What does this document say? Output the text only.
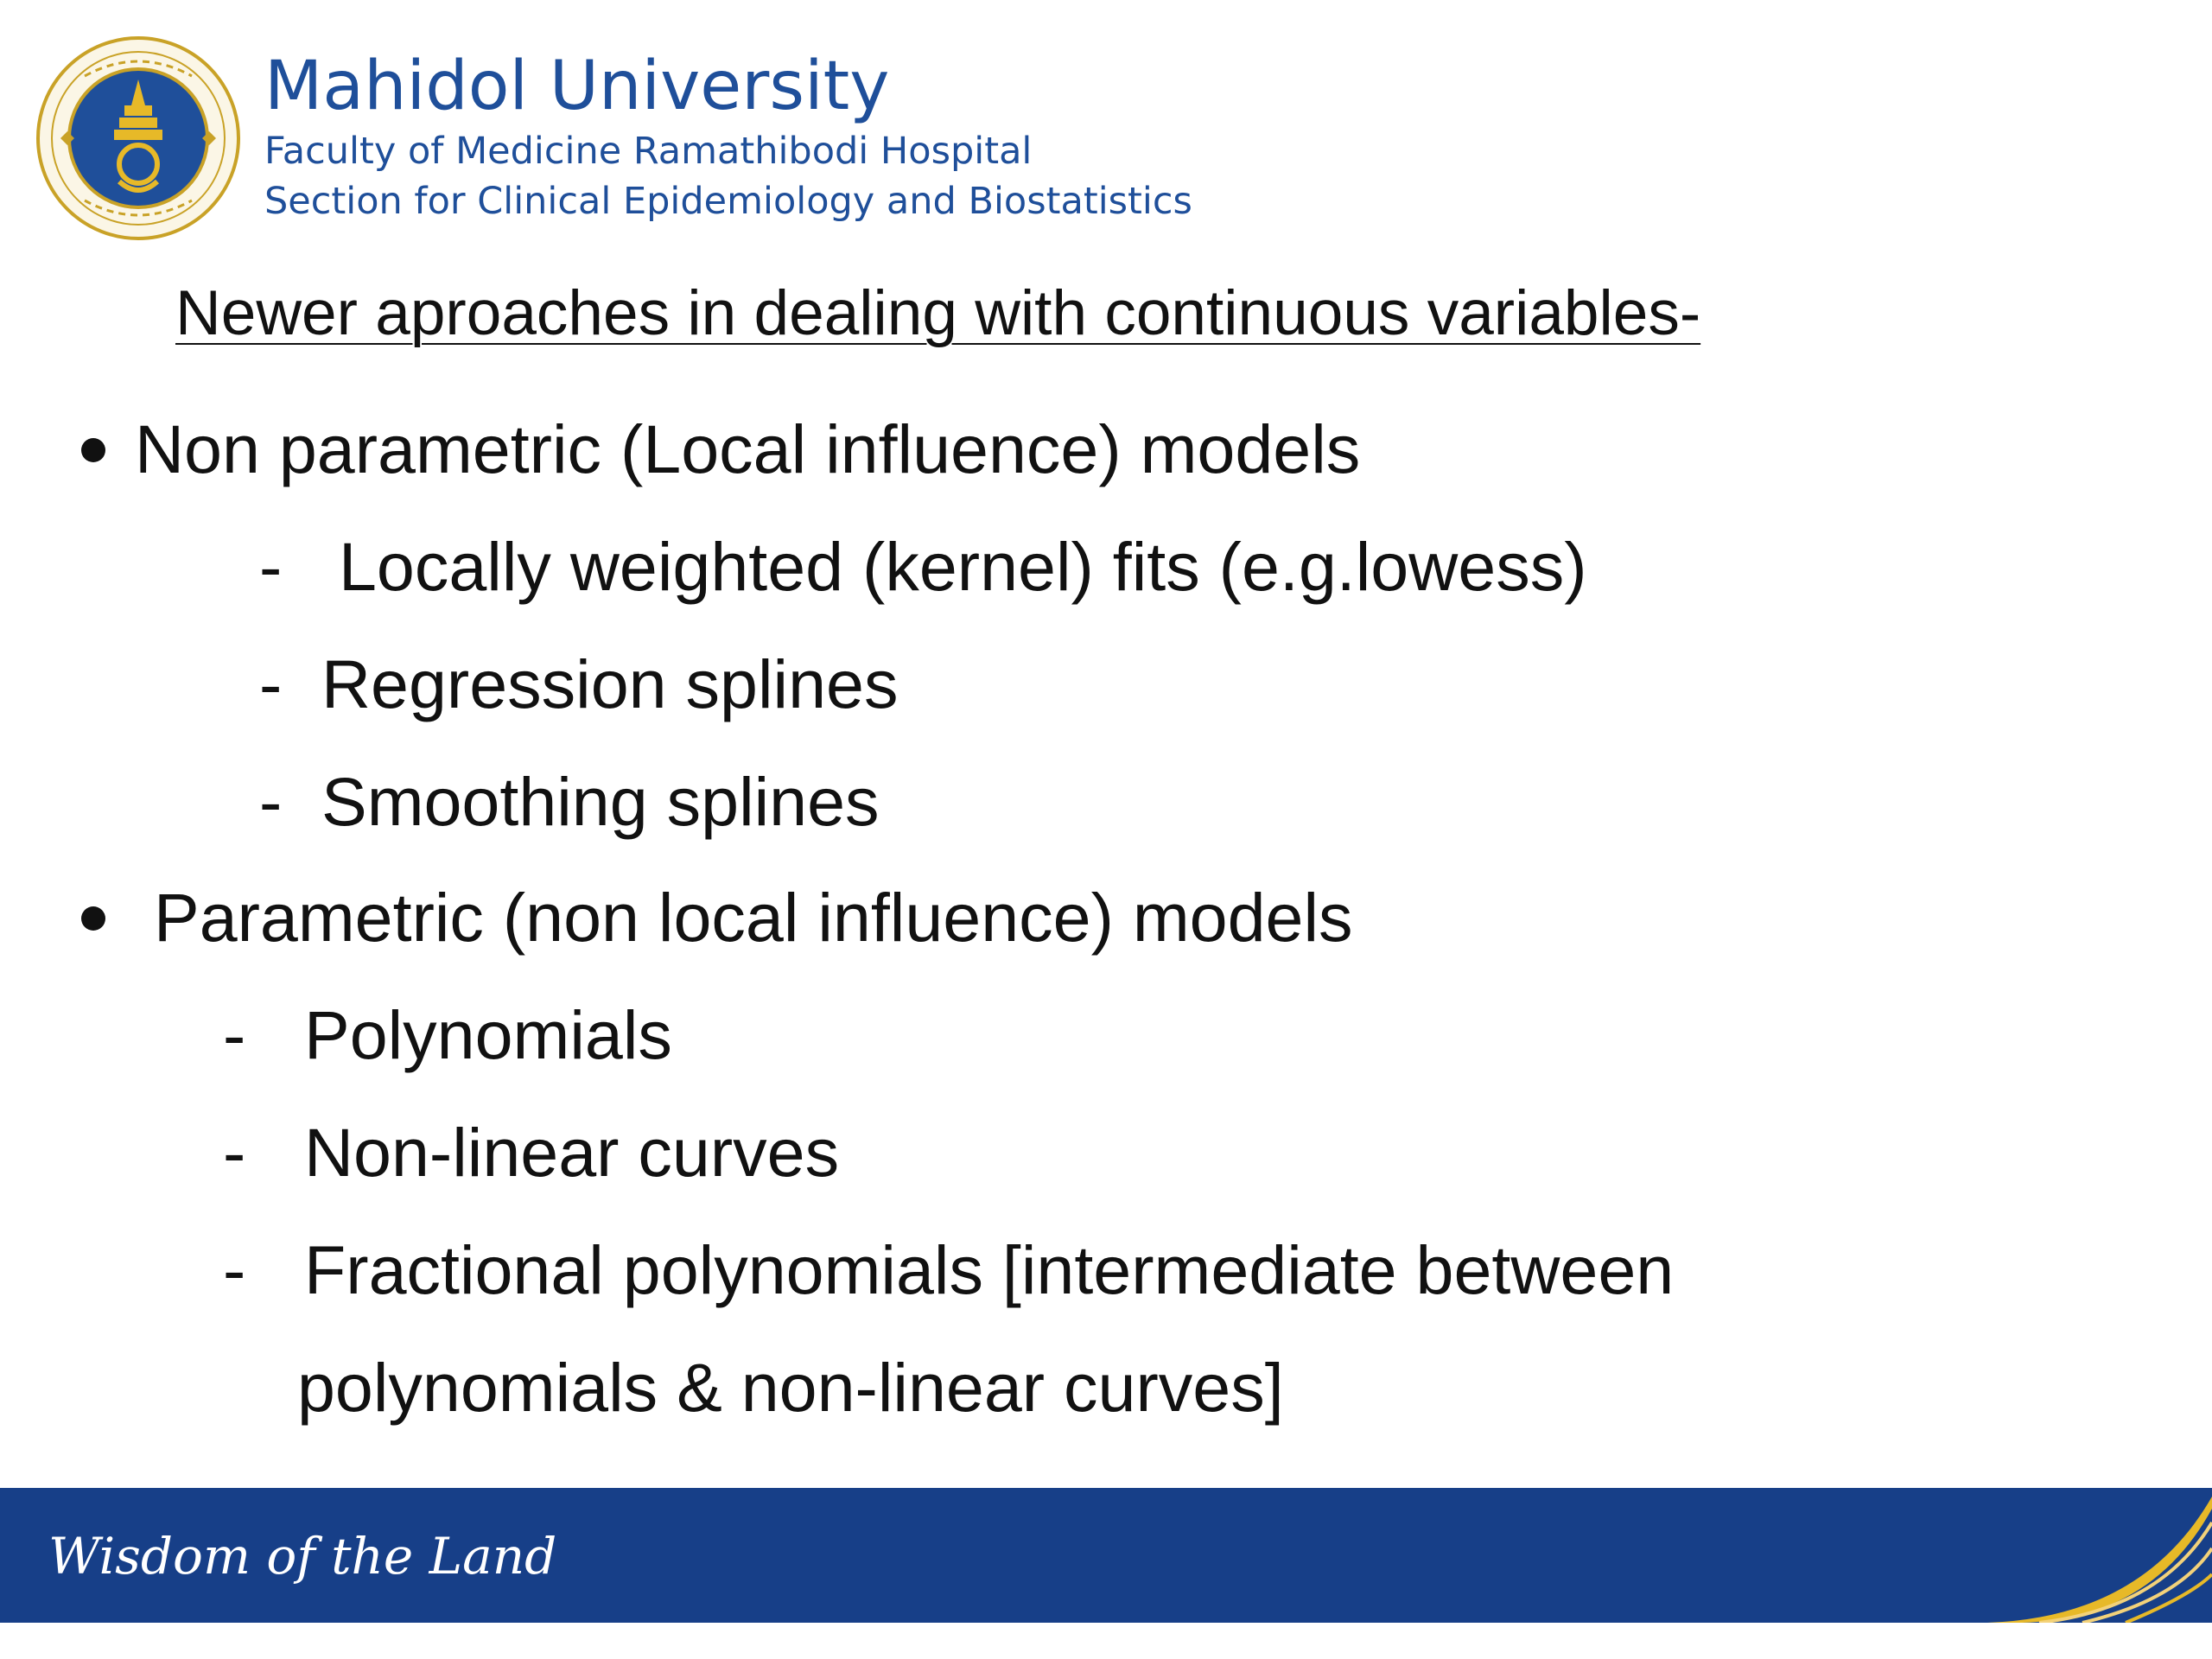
Mahidol University
Faculty of Medicine Ramathibodi Hospital
Section for Clinical Epidemiology and Biostatistics
Newer aproaches in dealing with continuous variables-
Non parametric (Local influence) models
- Locally weighted (kernel) fits (e.g.lowess)
- Regression splines
- Smoothing splines
Parametric (non local influence) models
- Polynomials
- Non-linear curves
- Fractional polynomials [intermediate between
polynomials & non-linear curves]
Wisdom of the Land
